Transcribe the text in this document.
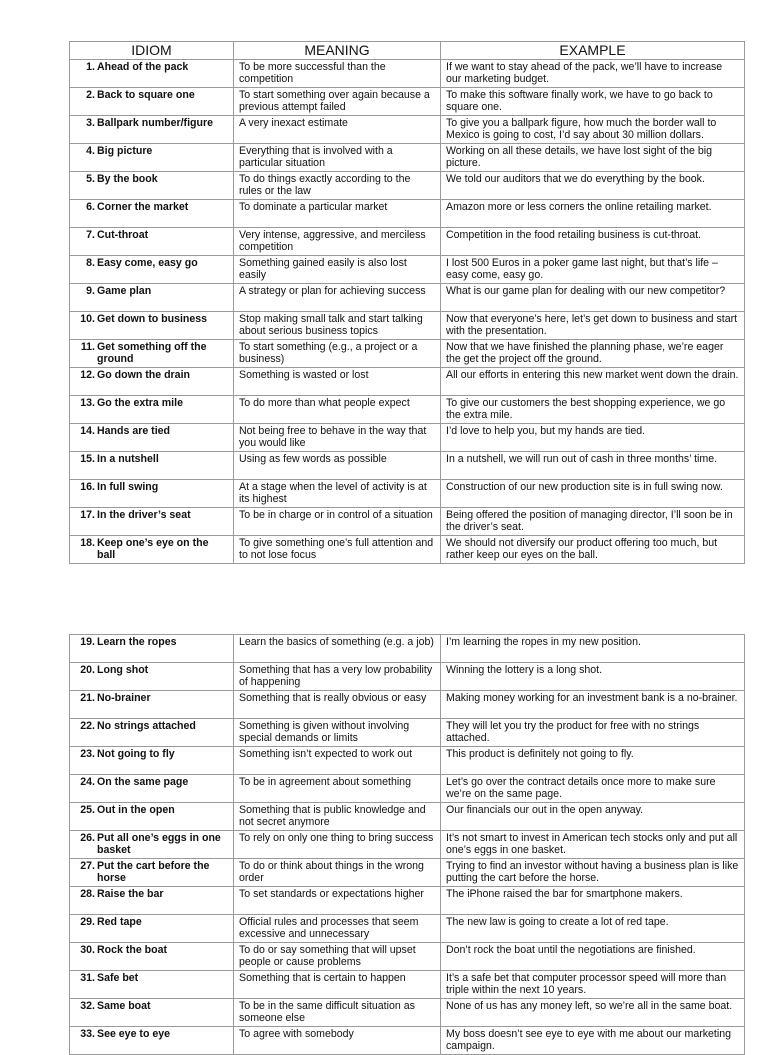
IDIOM	MEANING	EXAMPLE

1. Ahead of the pack	To be more successful than the competition	If we want to stay ahead of the pack, we’ll have to increase our marketing budget.

2. Back to square one	To start something over again because a previous attempt failed	To make this software finally work, we have to go back to square one.

3. Ballpark number/figure	A very inexact estimate	To give you a ballpark figure, how much the border wall to Mexico is going to cost, I’d say about 30 million dollars.

4. Big picture	Everything that is involved with a particular situation	Working on all these details, we have lost sight of the big picture.

5. By the book	To do things exactly according to the rules or the law	We told our auditors that we do everything by the book.

6. Corner the market	To dominate a particular market	Amazon more or less corners the online retailing market.

7. Cut-throat	Very intense, aggressive, and merciless competition	Competition in the food retailing business is cut-throat.

8. Easy come, easy go	Something gained easily is also lost easily	I lost 500 Euros in a poker game last night, but that’s life – easy come, easy go.

9. Game plan	A strategy or plan for achieving success	What is our game plan for dealing with our new competitor?

10. Get down to business	Stop making small talk and start talking about serious business topics	Now that everyone’s here, let’s get down to business and start with the presentation.

11. Get something off the ground	To start something (e.g., a project or a business)	Now that we have finished the planning phase, we’re eager the get the project off the ground.

12. Go down the drain	Something is wasted or lost	All our efforts in entering this new market went down the drain.

13. Go the extra mile	To do more than what people expect	To give our customers the best shopping experience, we go the extra mile.

14. Hands are tied	Not being free to behave in the way that you would like	I’d love to help you, but my hands are tied.

15. In a nutshell	Using as few words as possible	In a nutshell, we will run out of cash in three months’ time.

16. In full swing	At a stage when the level of activity is at its highest	Construction of our new production site is in full swing now.

17. In the driver’s seat	To be in charge or in control of a situation	Being offered the position of managing director, I’ll soon be in the driver’s seat.

18. Keep one’s eye on the ball	To give something one’s full attention and to not lose focus	We should not diversify our product offering too much, but rather keep our eyes on the ball.
19. Learn the ropes	Learn the basics of something (e.g. a job)	I’m learning the ropes in my new position.

20. Long shot	Something that has a very low probability of happening	Winning the lottery is a long shot.

21. No-brainer	Something that is really obvious or easy	Making money working for an investment bank is a no-brainer.

22. No strings attached	Something is given without involving special demands or limits	They will let you try the product for free with no strings attached.

23. Not going to fly	Something isn’t expected to work out	This product is definitely not going to fly.

24. On the same page	To be in agreement about something	Let’s go over the contract details once more to make sure we’re on the same page.

25. Out in the open	Something that is public knowledge and not secret anymore	Our financials our out in the open anyway.

26. Put all one’s eggs in one basket	To rely on only one thing to bring success	It’s not smart to invest in American tech stocks only and put all one’s eggs in one basket.

27. Put the cart before the horse	To do or think about things in the wrong order	Trying to find an investor without having a business plan is like putting the cart before the horse.

28. Raise the bar	To set standards or expectations higher	The iPhone raised the bar for smartphone makers.

29. Red tape	Official rules and processes that seem excessive and unnecessary	The new law is going to create a lot of red tape.

30. Rock the boat	To do or say something that will upset people or cause problems	Don’t rock the boat until the negotiations are finished.

31. Safe bet	Something that is certain to happen	It’s a safe bet that computer processor speed will more than triple within the next 10 years.

32. Same boat	To be in the same difficult situation as someone else	None of us has any money left, so we’re all in the same boat.

33. See eye to eye	To agree with somebody	My boss doesn’t see eye to eye with me about our marketing campaign.
